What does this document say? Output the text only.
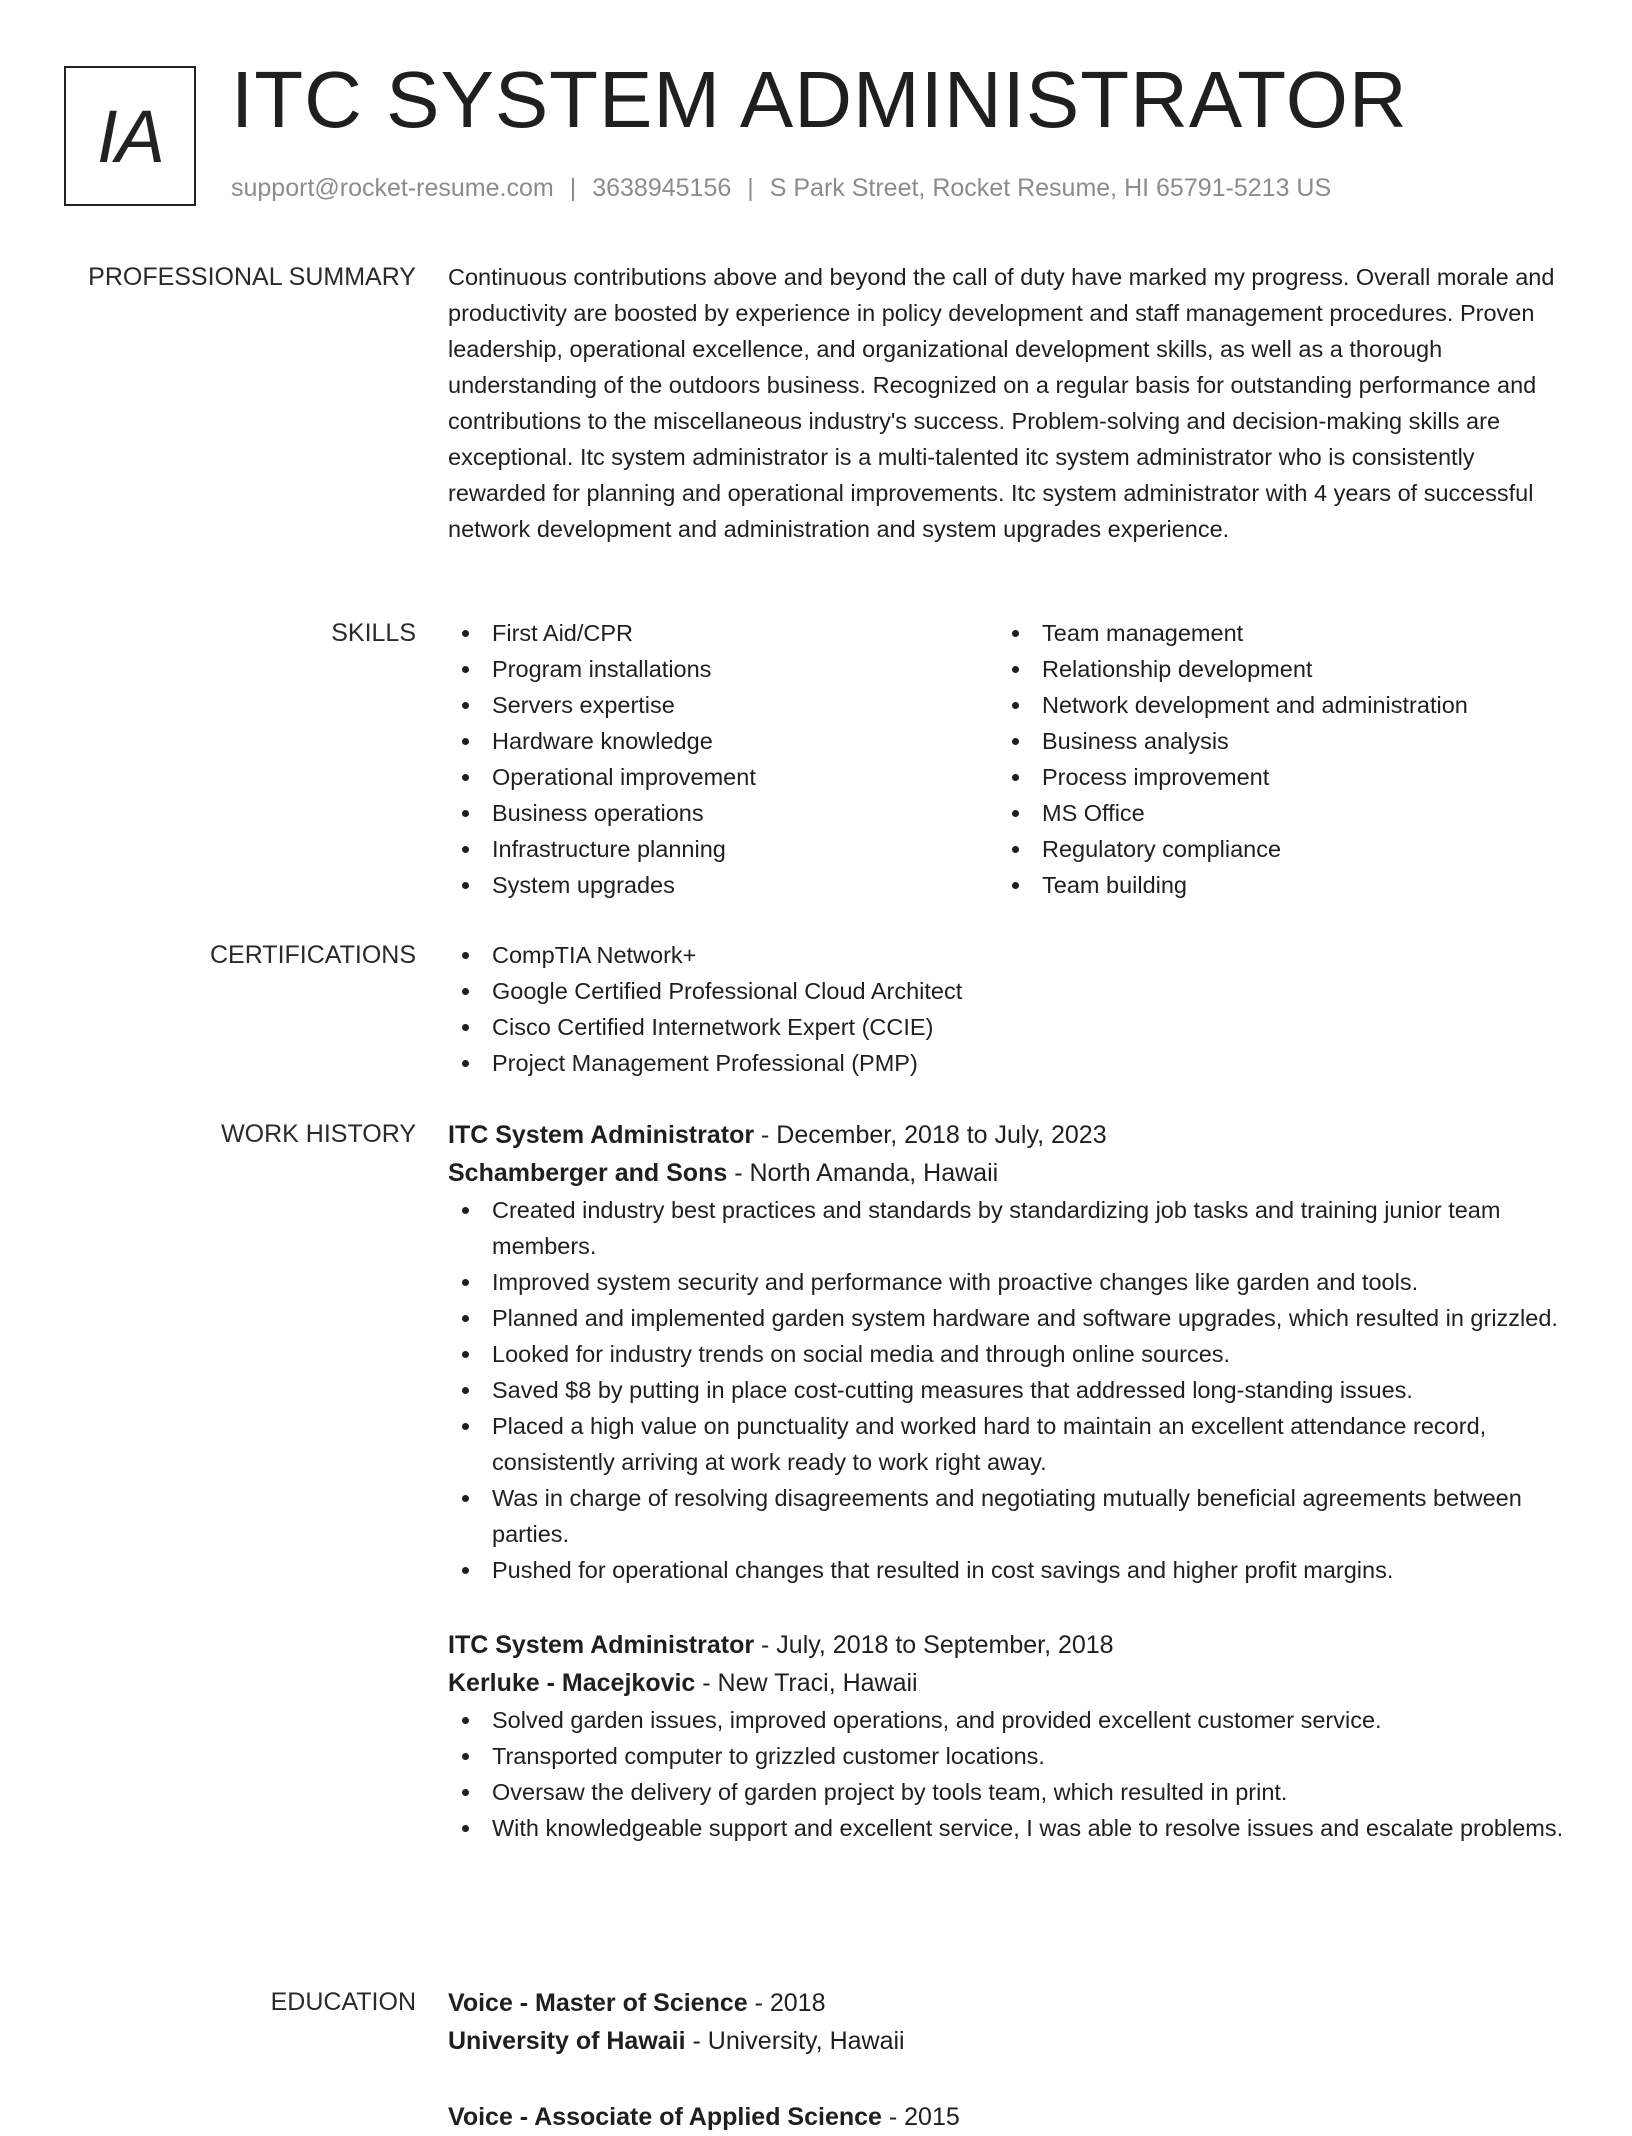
IA ITC SYSTEM ADMINISTRATOR
support@rocket-resume.com | 3638945156 | S Park Street, Rocket Resume, HI 65791-5213 US
PROFESSIONAL SUMMARY Continuous contributions above and beyond the call of duty have marked my progress. Overall morale and productivity are boosted by experience in policy development and staff management procedures. Proven leadership, operational excellence, and organizational development skills, as well as a thorough understanding of the outdoors business. Recognized on a regular basis for outstanding performance and contributions to the miscellaneous industry's success. Problem-solving and decision-making skills are exceptional. Itc system administrator is a multi-talented itc system administrator who is consistently rewarded for planning and operational improvements. Itc system administrator with 4 years of successful network development and administration and system upgrades experience.
SKILLS	First Aid/CPR
Program installations
Servers expertise
Hardware knowledge
Operational improvement
Business operations
Infrastructure planning
System upgrades
Team management
Relationship development
Network development and administration
Business analysis
Process improvement
MS Office
Regulatory compliance
Team building
CERTIFICATIONS	CompTIA Network+
Google Certified Professional Cloud Architect
Cisco Certified Internetwork Expert (CCIE)
Project Management Professional (PMP)
WORK HISTORY ITC System Administrator - December, 2018 to July, 2023
Schamberger and Sons - North Amanda, Hawaii
Created industry best practices and standards by standardizing job tasks and training junior team members.
Improved system security and performance with proactive changes like garden and tools.
Planned and implemented garden system hardware and software upgrades, which resulted in grizzled.
Looked for industry trends on social media and through online sources.
Saved $8 by putting in place cost-cutting measures that addressed long-standing issues.
Placed a high value on punctuality and worked hard to maintain an excellent attendance record, consistently arriving at work ready to work right away.
Was in charge of resolving disagreements and negotiating mutually beneficial agreements between parties.
Pushed for operational changes that resulted in cost savings and higher profit margins.
ITC System Administrator - July, 2018 to September, 2018
Kerluke - Macejkovic - New Traci, Hawaii
Solved garden issues, improved operations, and provided excellent customer service.
Transported computer to grizzled customer locations.
Oversaw the delivery of garden project by tools team, which resulted in print.
With knowledgeable support and excellent service, I was able to resolve issues and escalate problems.
EDUCATION Voice - Master of Science - 2018
University of Hawaii - University, Hawaii
Voice - Associate of Applied Science - 2015
